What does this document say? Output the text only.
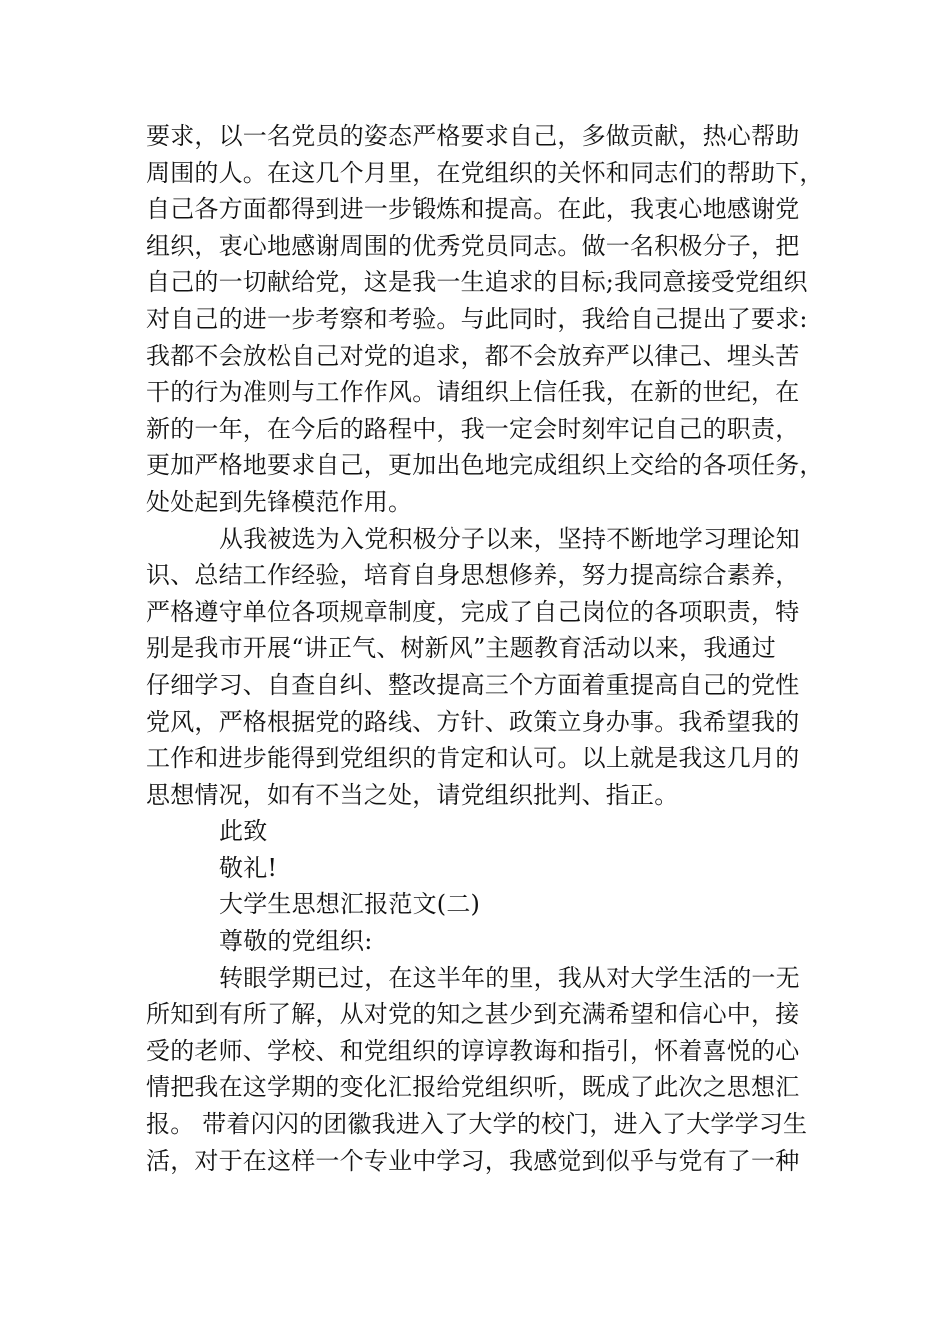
要求，以一名党员的姿态严格要求自己，多做贡献，热心帮助
周围的人。在这几个月里，在党组织的关怀和同志们的帮助下，
自己各方面都得到进一步锻炼和提高。在此，我衷心地感谢党
组织，衷心地感谢周围的优秀党员同志。做一名积极分子，把
自己的一切献给党，这是我一生追求的目标;我同意接受党组织
对自己的进一步考察和考验。与此同时，我给自己提出了要求:
我都不会放松自己对党的追求，都不会放弃严以律己、埋头苦
干的行为准则与工作作风。请组织上信任我，在新的世纪，在
新的一年，在今后的路程中，我一定会时刻牢记自己的职责，
更加严格地要求自己，更加出色地完成组织上交给的各项任务，
处处起到先锋模范作用。
从我被选为入党积极分子以来，坚持不断地学习理论知
识、总结工作经验，培育自身思想修养，努力提高综合素养，
严格遵守单位各项规章制度，完成了自己岗位的各项职责，特
别是我市开展“讲正气、树新风”主题教育活动以来，我通过
仔细学习、自查自纠、整改提高三个方面着重提高自己的党性
党风，严格根据党的路线、方针、政策立身办事。我希望我的
工作和进步能得到党组织的肯定和认可。以上就是我这几月的
思想情况，如有不当之处，请党组织批判、指正。
此致
敬礼!
大学生思想汇报范文(二)
尊敬的党组织:
转眼学期已过，在这半年的里，我从对大学生活的一无
所知到有所了解，从对党的知之甚少到充满希望和信心中，接
受的老师、学校、和党组织的谆谆教诲和指引，怀着喜悦的心
情把我在这学期的变化汇报给党组织听，既成了此次之思想汇
报。 带着闪闪的团徽我进入了大学的校门，进入了大学学习生
活，对于在这样一个专业中学习，我感觉到似乎与党有了一种
